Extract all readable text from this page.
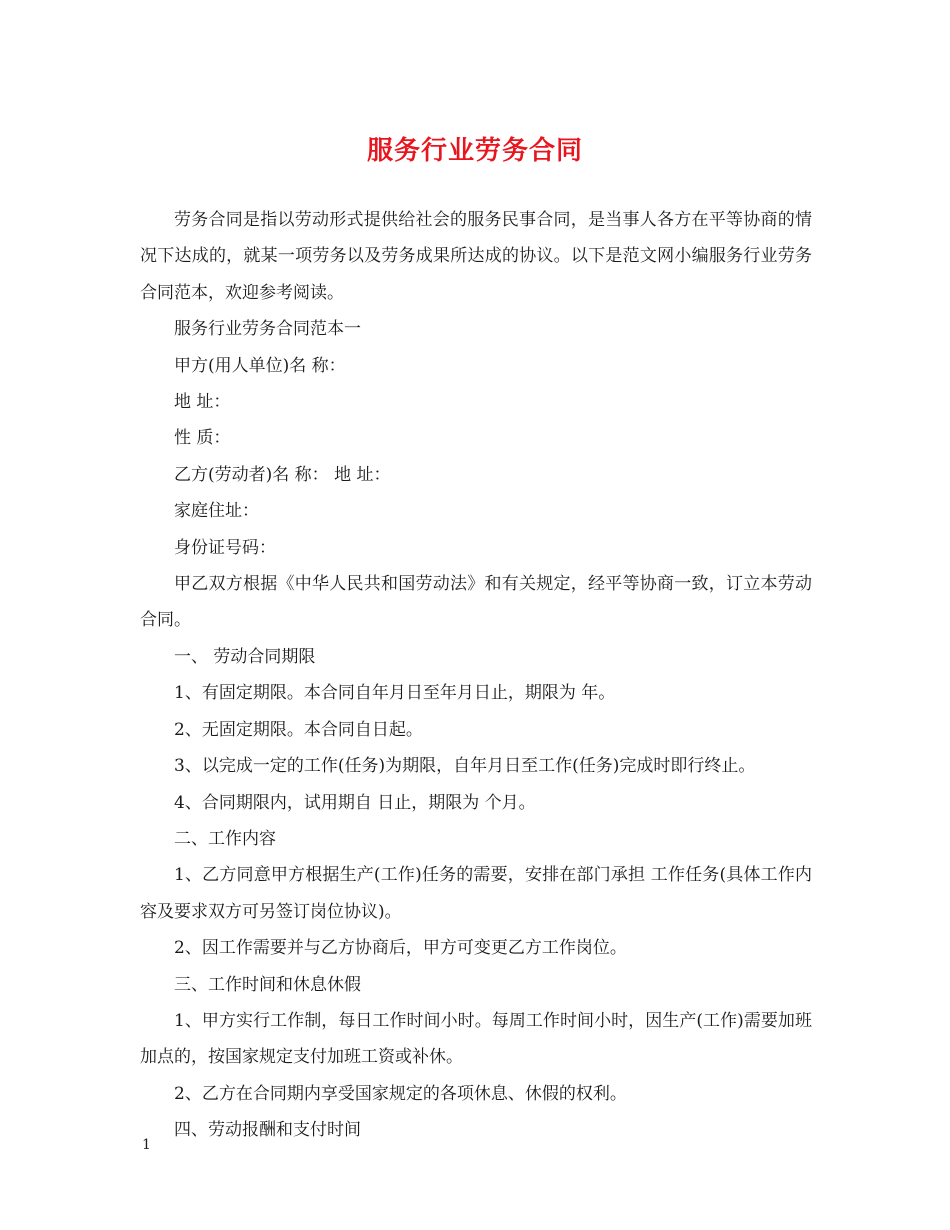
服务行业劳务合同

劳务合同是指以劳动形式提供给社会的服务民事合同，是当事人各方在平等协商的情况下达成的，就某一项劳务以及劳务成果所达成的协议。以下是范文网小编服务行业劳务合同范本，欢迎参考阅读。

服务行业劳务合同范本一

甲方(用人单位)名 称：

地 址：

性 质：

乙方(劳动者)名 称： 地 址：

家庭住址：

身份证号码：

甲乙双方根据《中华人民共和国劳动法》和有关规定，经平等协商一致，订立本劳动合同。

一、 劳动合同期限

1、有固定期限。本合同自年月日至年月日止，期限为 年。

2、无固定期限。本合同自日起。

3、以完成一定的工作(任务)为期限，自年月日至工作(任务)完成时即行终止。

4、合同期限内，试用期自 日止，期限为 个月。

二、工作内容

1、乙方同意甲方根据生产(工作)任务的需要，安排在部门承担 工作任务(具体工作内容及要求双方可另签订岗位协议)。

2、因工作需要并与乙方协商后，甲方可变更乙方工作岗位。

三、工作时间和休息休假

1、甲方实行工作制，每日工作时间小时。每周工作时间小时，因生产(工作)需要加班加点的，按国家规定支付加班工资或补休。

2、乙方在合同期内享受国家规定的各项休息、休假的权利。

四、劳动报酬和支付时间

1
